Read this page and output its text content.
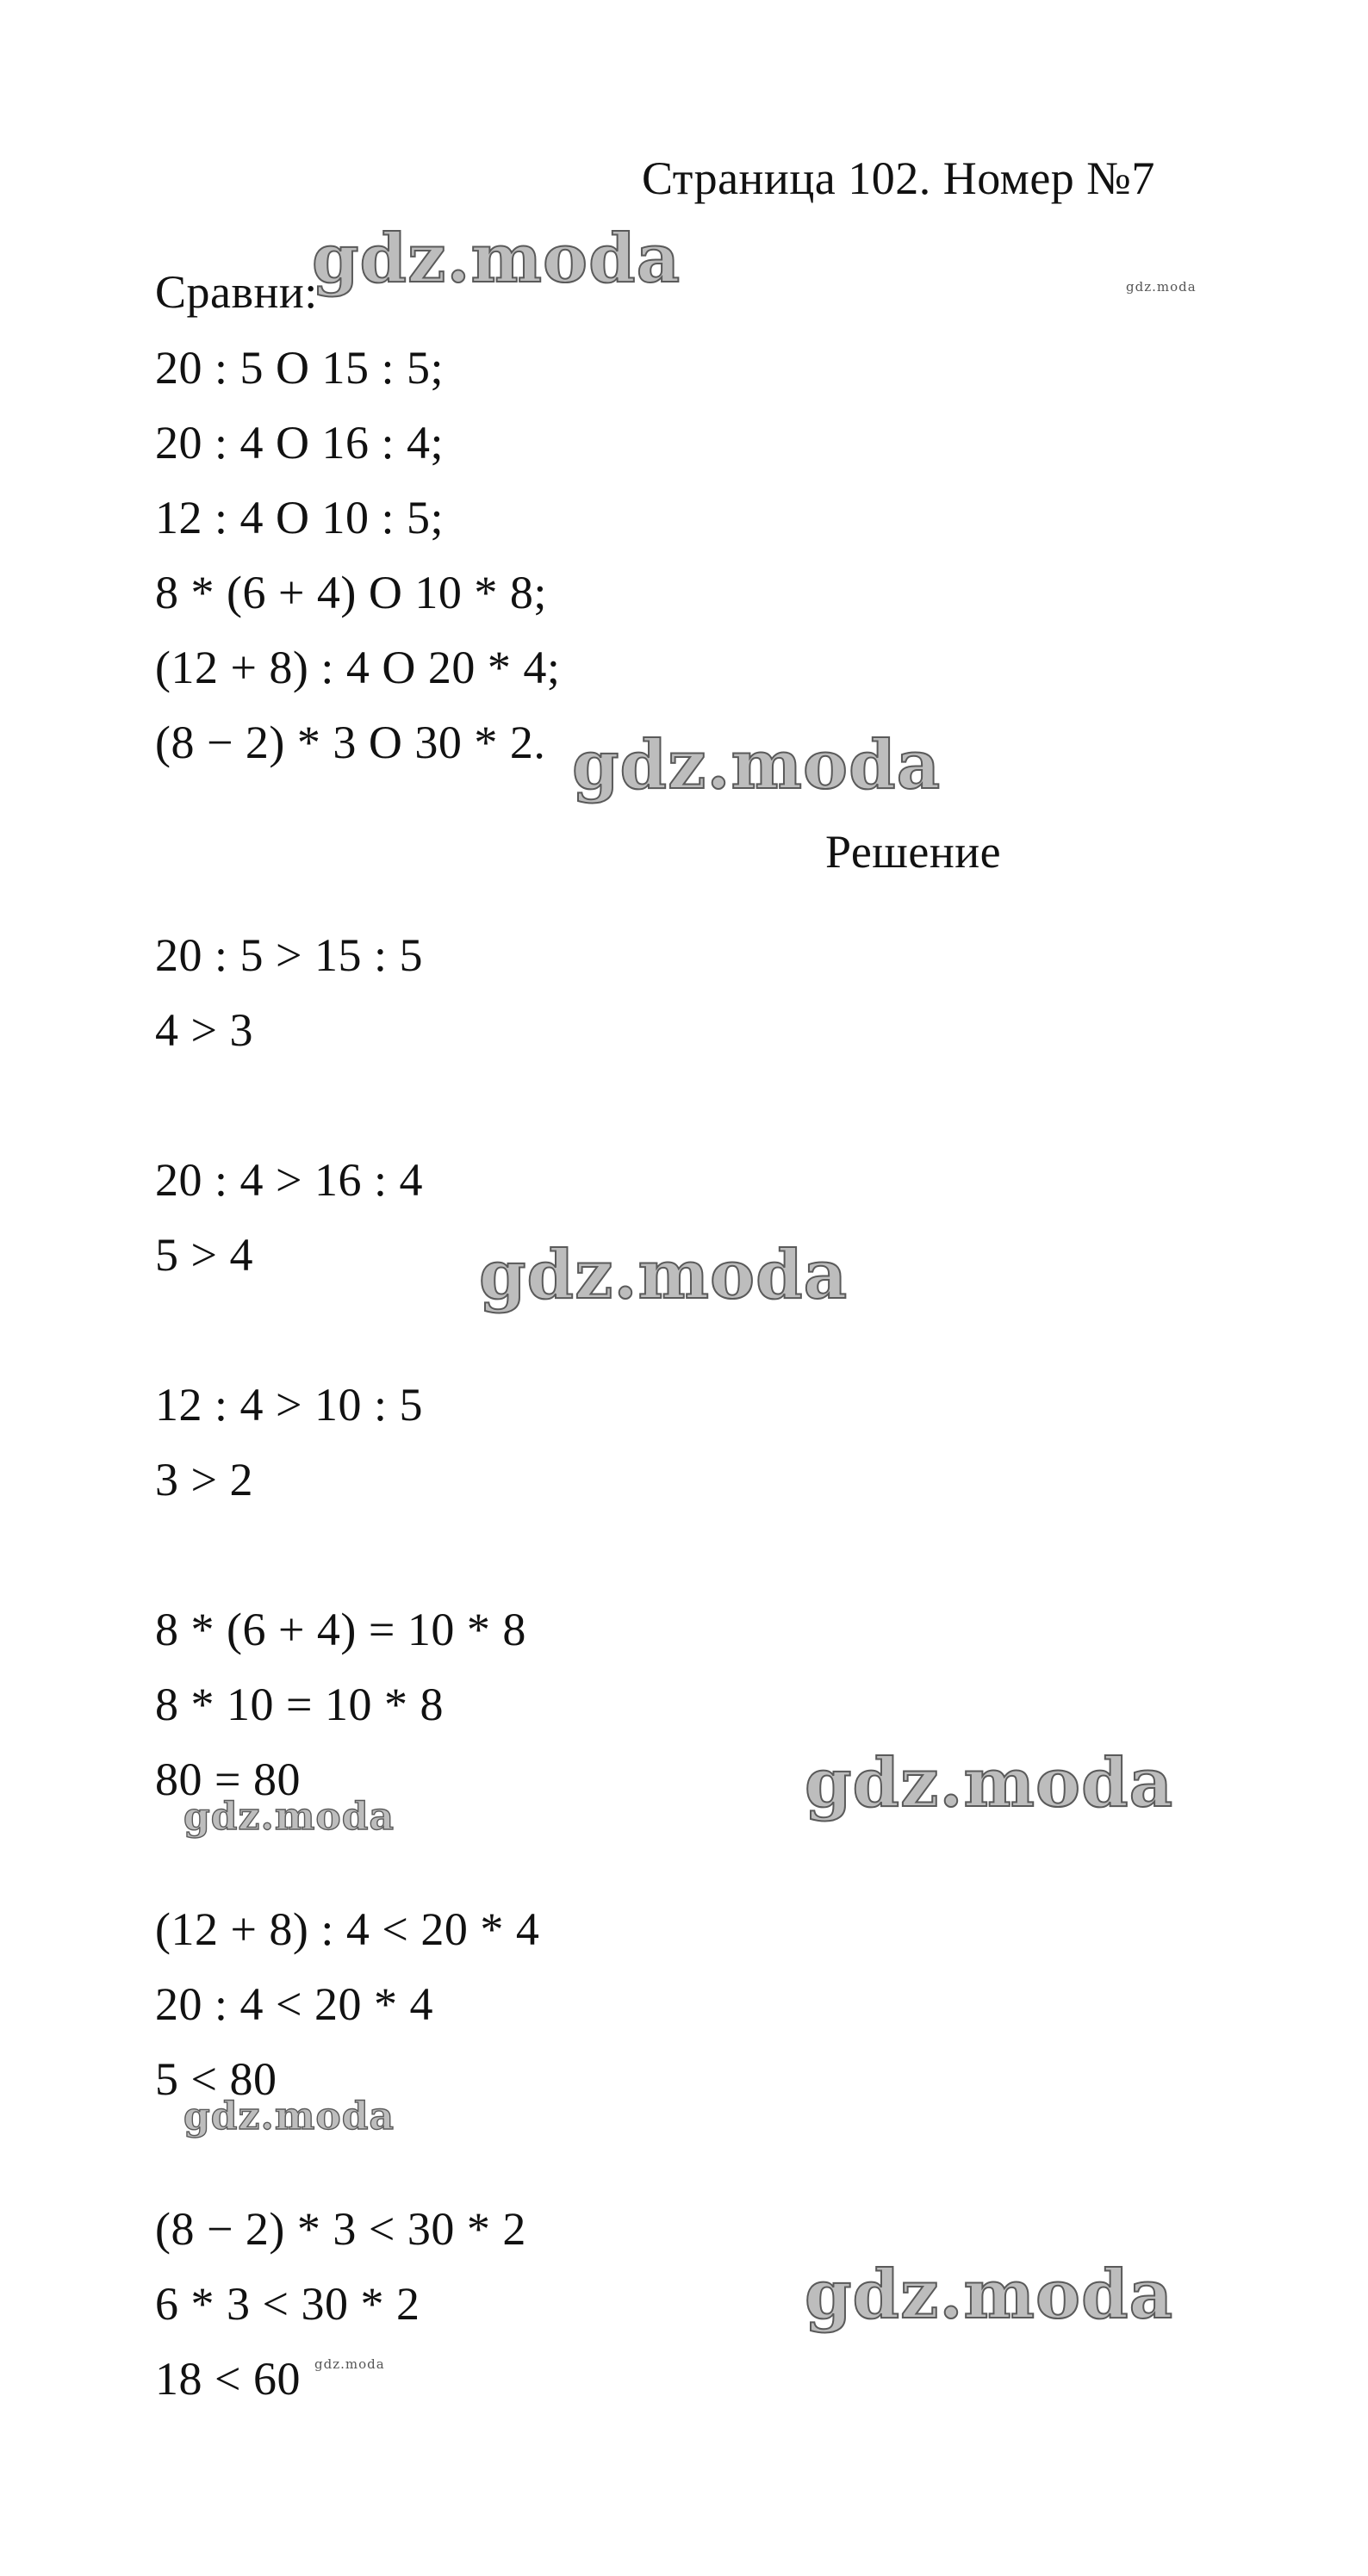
Страница 102. Номер №7
Сравни:
20 : 5 O 15 : 5;
20 : 4 O 16 : 4;
12 : 4 O 10 : 5;
8 * (6 + 4) O 10 * 8;
(12 + 8) : 4 O 20 * 4;
(8 − 2) * 3 O 30 * 2.
Решение
20 : 5 > 15 : 5
4 > 3
20 : 4 > 16 : 4
5 > 4
12 : 4 > 10 : 5
3 > 2
8 * (6 + 4) = 10 * 8
8 * 10 = 10 * 8
80 = 80
(12 + 8) : 4 < 20 * 4
20 : 4 < 20 * 4
5 < 80
(8 − 2) * 3 < 30 * 2
6 * 3 < 30 * 2
18 < 60
gdz.moda	gdz.moda
gdz.moda
gdz.moda
gdz.moda
gdz.moda
gdz.moda
gdz.moda
gdz.moda
